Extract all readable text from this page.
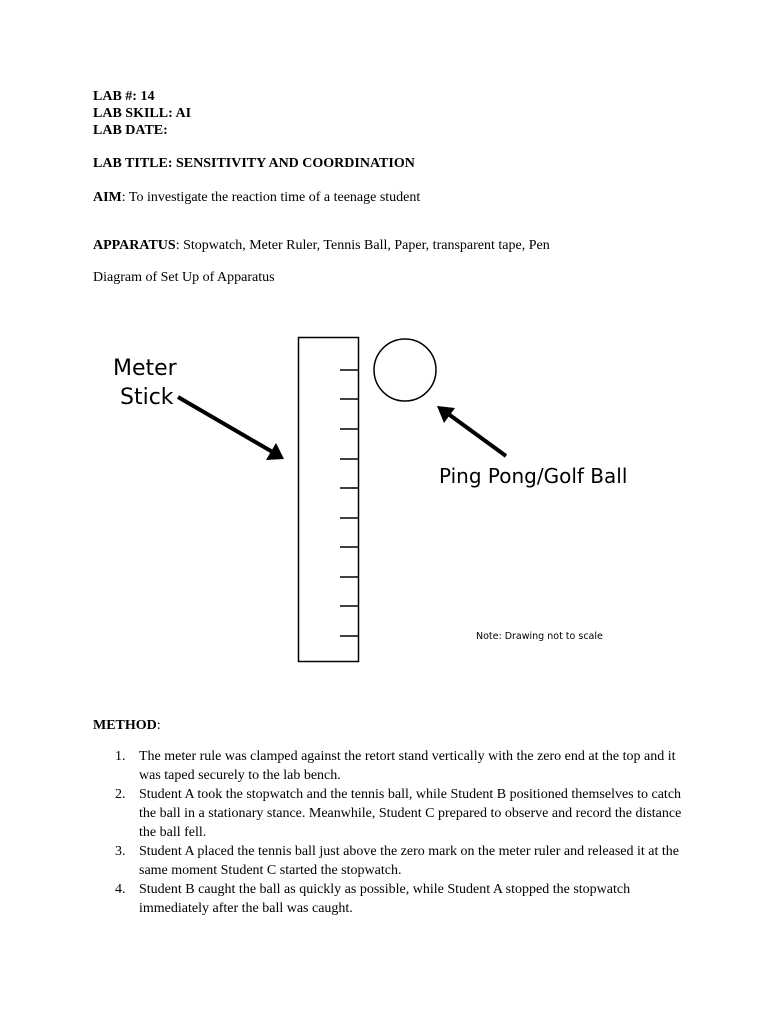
LAB #: 14
LAB SKILL: AI
LAB DATE:
LAB TITLE: SENSITIVITY AND COORDINATION
AIM: To investigate the reaction time of a teenage student
APPARATUS: Stopwatch, Meter Ruler, Tennis Ball, Paper, transparent tape, Pen
Diagram of Set Up of Apparatus
Meter
Stick
Ping Pong/Golf Ball
Note: Drawing not to scale
METHOD:
1. The meter rule was clamped against the retort stand vertically with the zero end at the top and it was taped securely to the lab bench.
2. Student A took the stopwatch and the tennis ball, while Student B positioned themselves to catch the ball in a stationary stance. Meanwhile, Student C prepared to observe and record the distance the ball fell.
3. Student A placed the tennis ball just above the zero mark on the meter ruler and released it at the same moment Student C started the stopwatch.
4. Student B caught the ball as quickly as possible, while Student A stopped the stopwatch immediately after the ball was caught.
